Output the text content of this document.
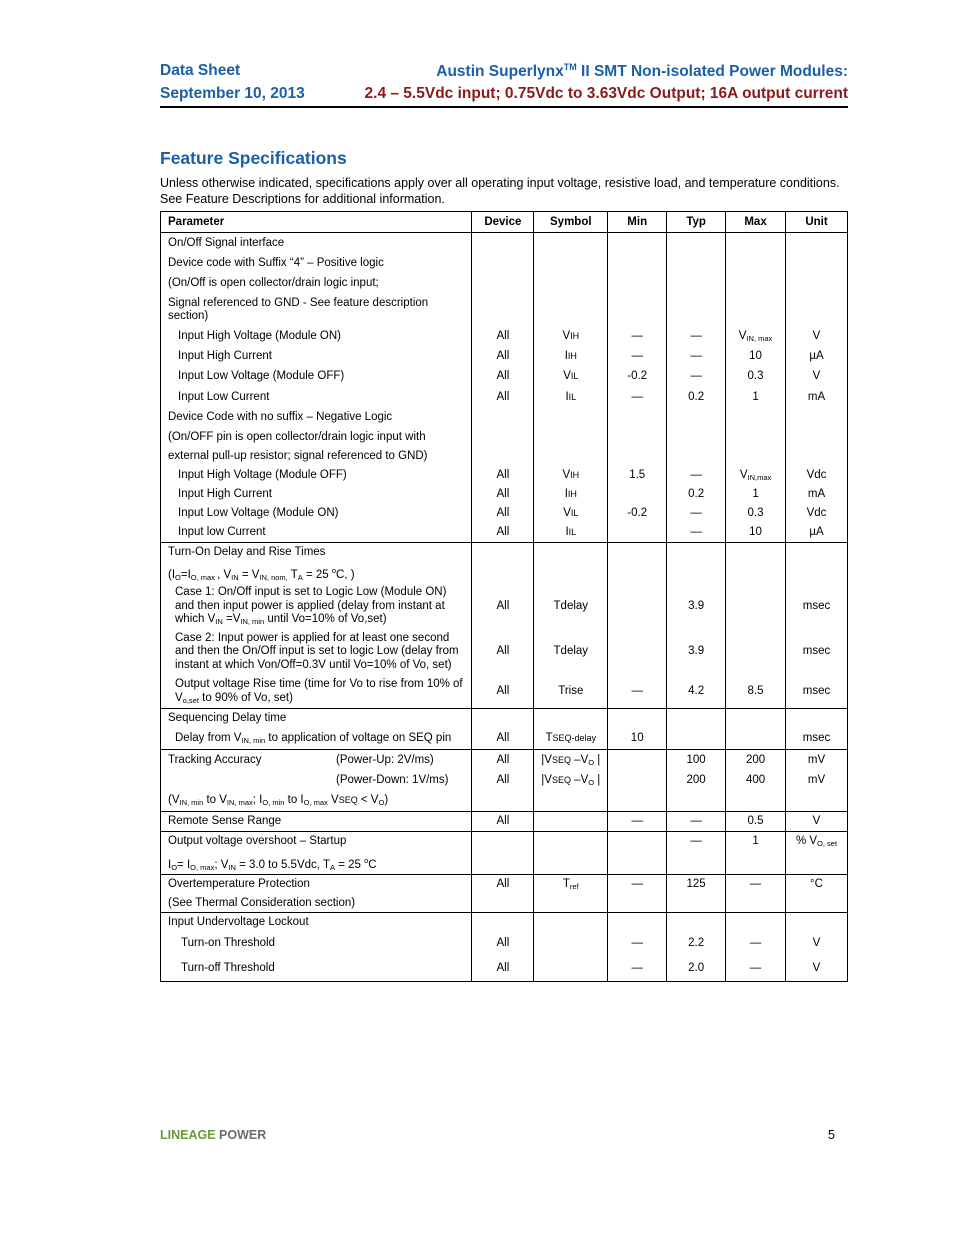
Data Sheet	Austin Superlynx™ II SMT Non-isolated Power Modules:
September 10, 2013	2.4 – 5.5Vdc input; 0.75Vdc to 3.63Vdc Output; 16A output current
Feature Specifications
Unless otherwise indicated, specifications apply over all operating input voltage, resistive load, and temperature conditions. See Feature Descriptions for additional information.
Parameter	Device	Symbol	Min	Typ	Max	Unit
On/Off Signal interface						
Device code with Suffix “4” – Positive logic						
(On/Off is open collector/drain logic input;						
Signal referenced to GND - See feature description section)						
Input High Voltage (Module ON)	All	VIH	—	—	VIN, max	V
Input High Current	All	IIH	—	—	10	µA
Input Low Voltage (Module OFF)	All	VIL	-0.2	—	0.3	V
Input Low Current	All	IIL	—	0.2	1	mA
Device Code with no suffix – Negative Logic						
(On/OFF pin is open collector/drain logic input with						
external pull-up resistor; signal referenced to GND)						
Input High Voltage (Module OFF)	All	VIH	1.5	—	VIN,max	Vdc
Input High Current	All	IIH		0.2	1	mA
Input Low Voltage (Module ON)	All	VIL	-0.2	—	0.3	Vdc
Input low Current	All	IIL		—	10	µA
Turn-On Delay and Rise Times						
(IO=IO, max , VIN = VIN, nom, TA = 25 $^o$C, )						
Case 1: On/Off input is set to Logic Low (Module ON) and then input power is applied (delay from instant at which VIN =VIN, min until Vo=10% of Vo,set)	All	Tdelay		3.9		msec
Case 2: Input power is applied for at least one second and then the On/Off input is set to logic Low (delay from instant at which Von/Off=0.3V until Vo=10% of Vo, set)	All	Tdelay		3.9		msec
Output voltage Rise time (time for Vo to rise from 10% of Vo,set to 90% of Vo, set)	All	Trise	—	4.2	8.5	msec
Sequencing Delay time						
Delay from VIN, min to application of voltage on SEQ pin	All	TSEQ-delay	10			msec
Tracking Accuracy (Power-Up: 2V/ms)	All	|VSEQ –VO |		100	200	mV

(Power-Down: 1V/ms)	All	|VSEQ –VO |		200	400	mV
(VIN, min to VIN, max; IO, min to IO, max VSEQ < VO)						
Remote Sense Range	All		—	—	0.5	V
Output voltage overshoot – Startup				—	1	% VO, set
IO= IO, max; VIN = 3.0 to 5.5Vdc, TA = 25 $^o$C						
Overtemperature Protection	All	Tref	—	125	—	°C
(See Thermal Consideration section)						
Input Undervoltage Lockout						
Turn-on Threshold	All		—	2.2	—	V
Turn-off Threshold	All		—	2.0	—	V
LINEAGE POWER	5
